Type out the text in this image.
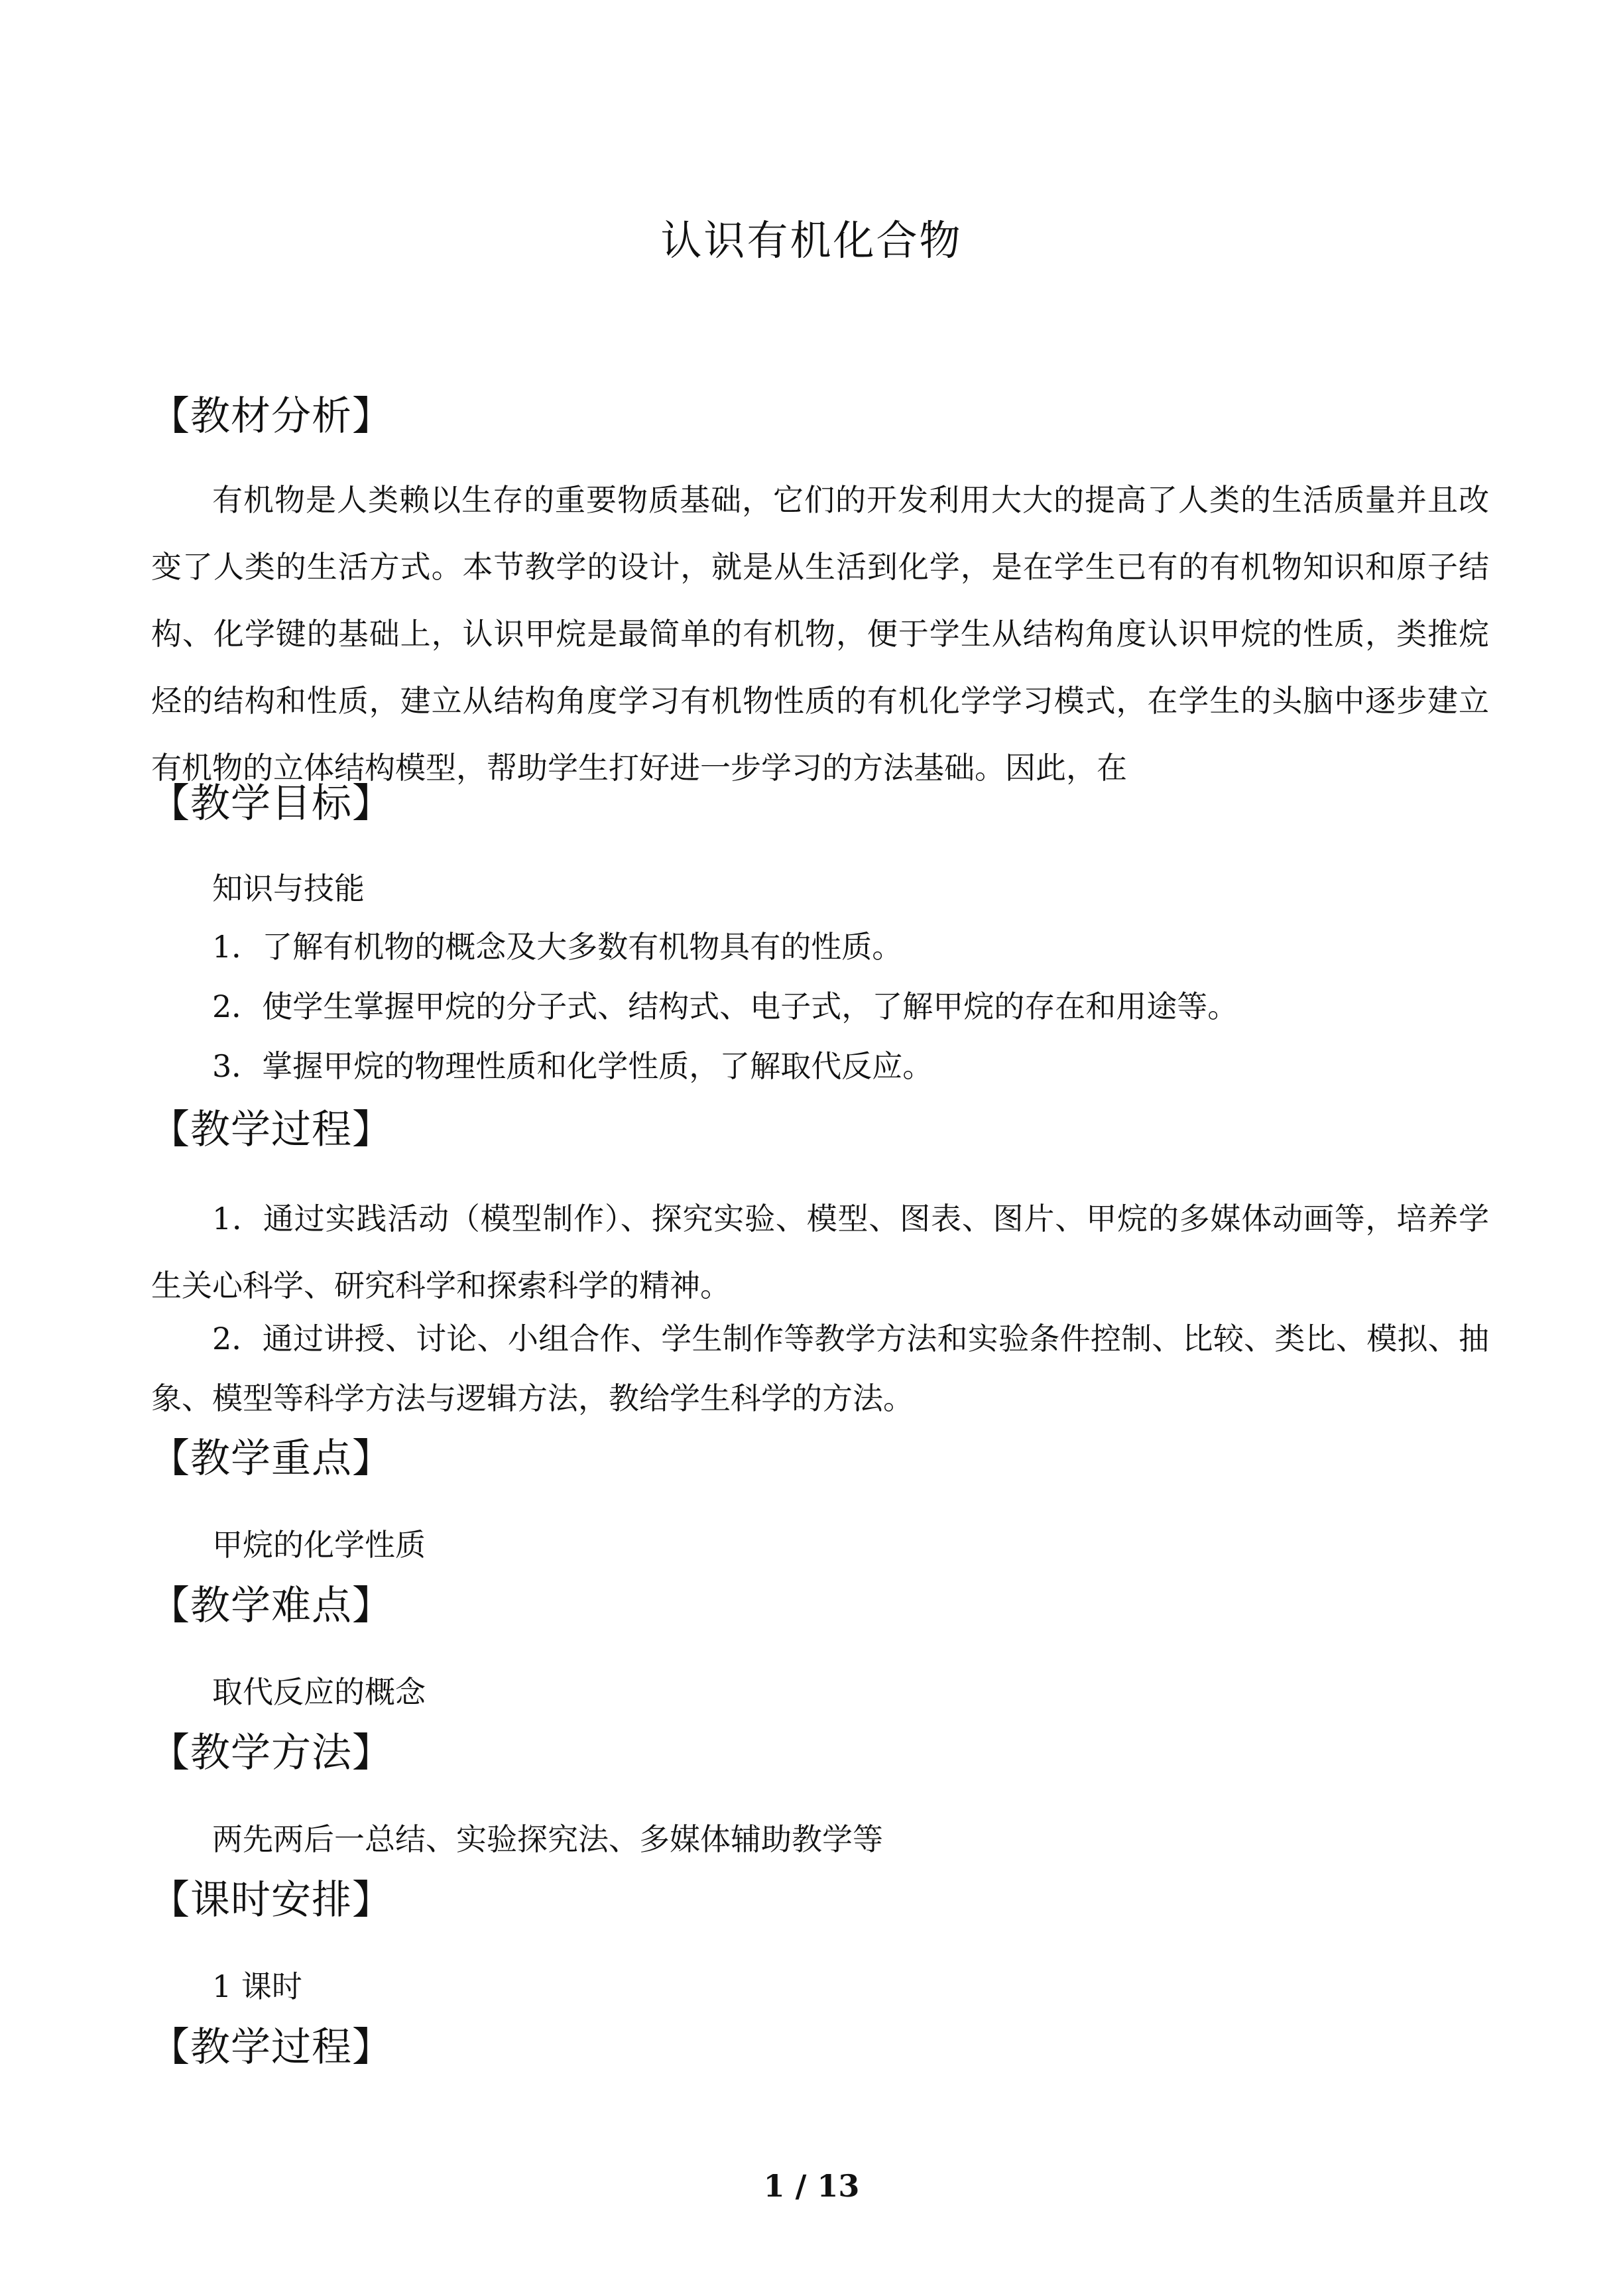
认识有机化合物
【教材分析】

有机物是人类赖以生存的重要物质基础，它们的开发利用大大的提高了人类的生活质量并且改变了人类的生活方式。本节教学的设计，就是从生活到化学，是在学生已有的有机物知识和原子结构、化学键的基础上，认识甲烷是最简单的有机物，便于学生从结构角度认识甲烷的性质，类推烷烃的结构和性质，建立从结构角度学习有机物性质的有机化学学习模式，在学生的头脑中逐步建立有机物的立体结构模型，帮助学生打好进一步学习的方法基础。因此，在

【教学目标】
知识与技能
1．了解有机物的概念及大多数有机物具有的性质。
2．使学生掌握甲烷的分子式、结构式、电子式，了解甲烷的存在和用途等。
3．掌握甲烷的物理性质和化学性质，了解取代反应。
【教学过程】

1．通过实践活动（模型制作）、探究实验、模型、图表、图片、甲烷的多媒体动画等，培养学生关心科学、研究科学和探索科学的精神。

2．通过讲授、讨论、小组合作、学生制作等教学方法和实验条件控制、比较、类比、模拟、抽象、模型等科学方法与逻辑方法，教给学生科学的方法。

【教学重点】
甲烷的化学性质
【教学难点】
取代反应的概念
【教学方法】
两先两后一总结、实验探究法、多媒体辅助教学等
【课时安排】
1 课时
【教学过程】
1 / 13
